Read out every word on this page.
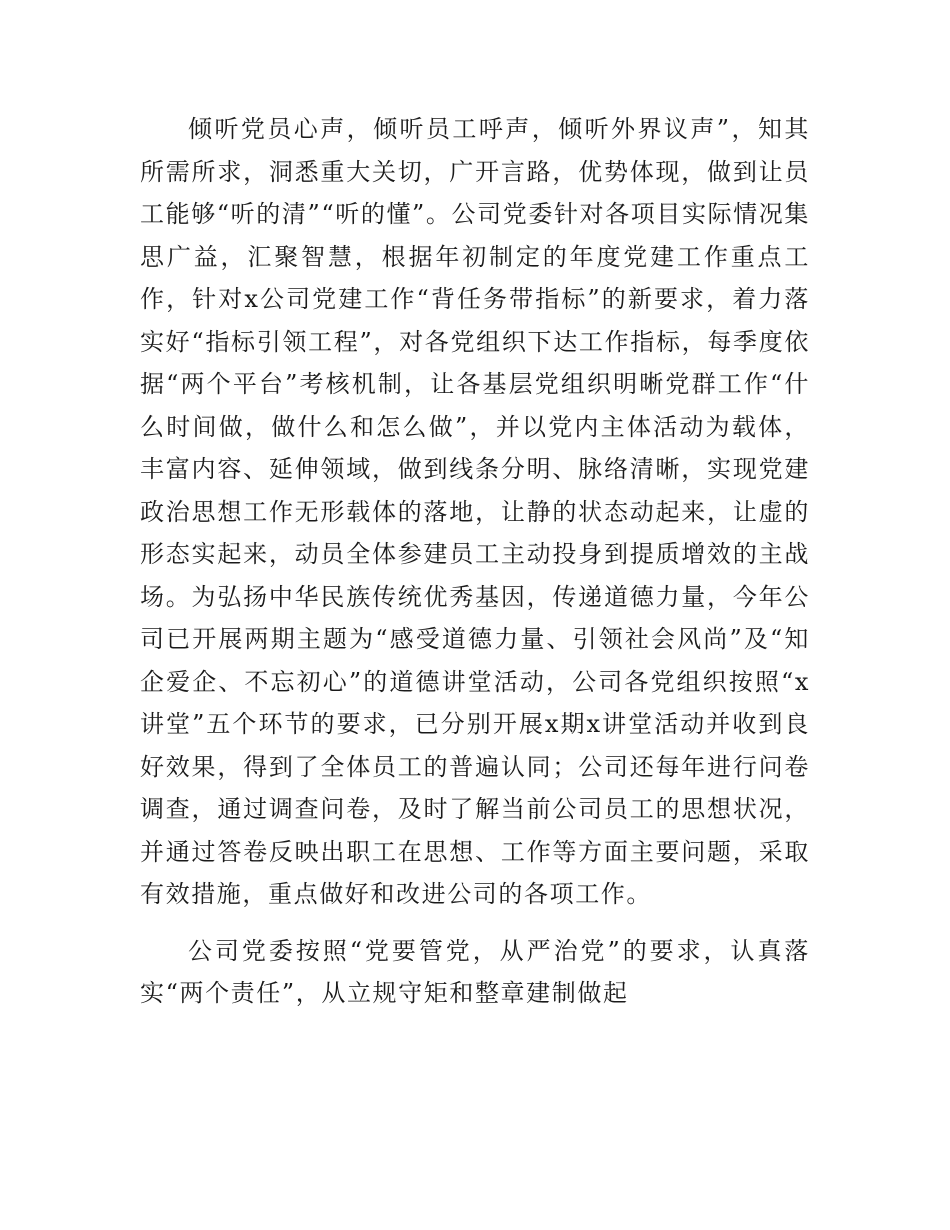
倾听党员心声，倾听员工呼声，倾听外界议声”，知其所需所求，洞悉重大关切，广开言路，优势体现，做到让员工能够“听的清”“听的懂”。公司党委针对各项目实际情况集思广益，汇聚智慧，根据年初制定的年度党建工作重点工作，针对x公司党建工作“背任务带指标”的新要求，着力落实好“指标引领工程”，对各党组织下达工作指标，每季度依据“两个平台”考核机制，让各基层党组织明晰党群工作“什么时间做，做什么和怎么做”，并以党内主体活动为载体，丰富内容、延伸领域，做到线条分明、脉络清晰，实现党建政治思想工作无形载体的落地，让静的状态动起来，让虚的形态实起来，动员全体参建员工主动投身到提质增效的主战场。为弘扬中华民族传统优秀基因，传递道德力量，今年公司已开展两期主题为“感受道德力量、引领社会风尚”及“知企爱企、不忘初心”的道德讲堂活动，公司各党组织按照“x讲堂”五个环节的要求，已分别开展x期x讲堂活动并收到良好效果，得到了全体员工的普遍认同；公司还每年进行问卷调查，通过调查问卷，及时了解当前公司员工的思想状况，并通过答卷反映出职工在思想、工作等方面主要问题，采取有效措施，重点做好和改进公司的各项工作。

公司党委按照“党要管党，从严治党”的要求，认真落实“两个责任”，从立规守矩和整章建制做起
